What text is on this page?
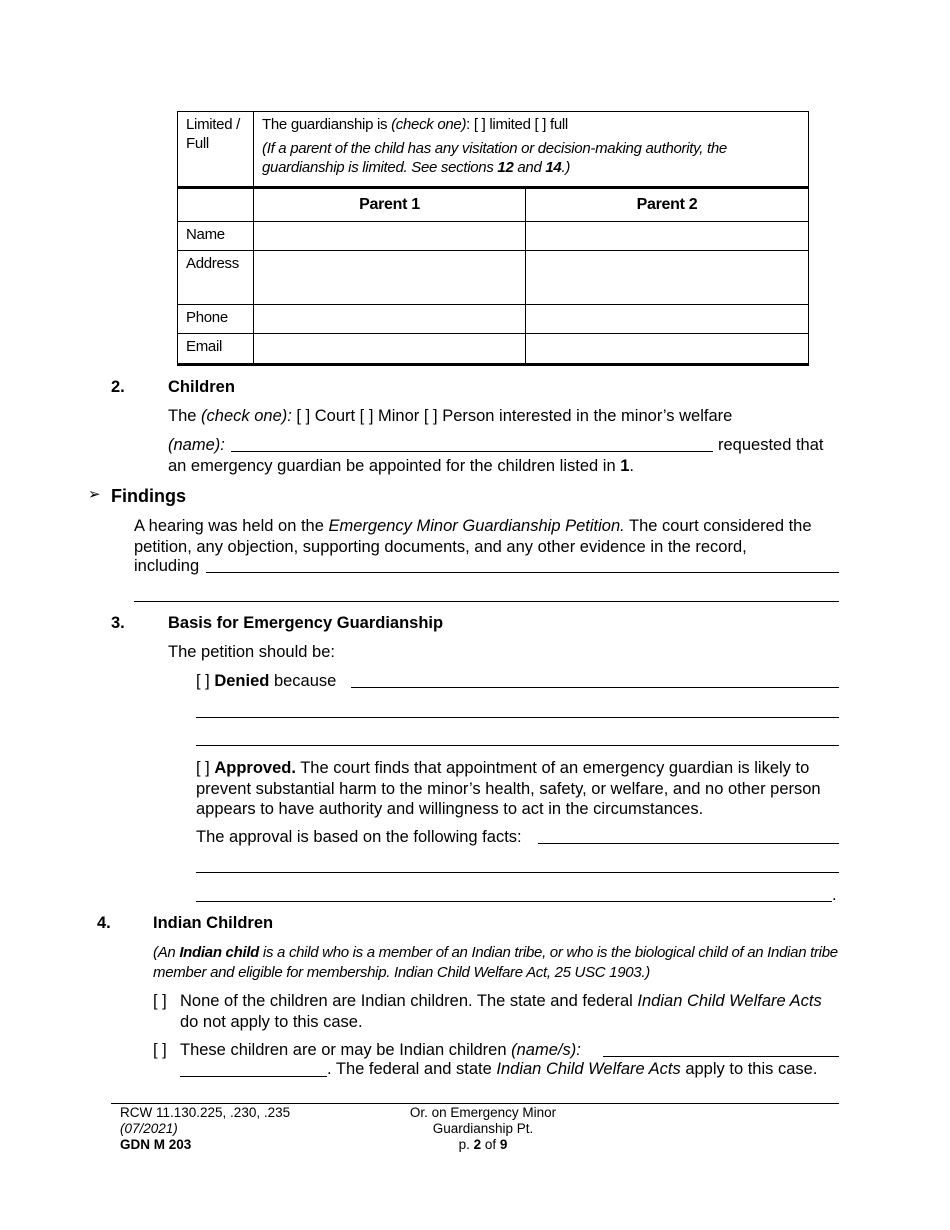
Limited / Full	The guardianship is (check one): [ ] limited [ ] full
(If a parent of the child has any visitation or decision-making authority, the guardianship is limited. See sections 12 and 14.)	

	Parent 1	Parent 2
Name		
Address		
Phone		
Email		
2.	Children
The (check one): [ ] Court [ ] Minor [ ] Person interested in the minor’s welfare
(name):	requested that
an emergency guardian be appointed for the children listed in 1.
➢ Findings
A hearing was held on the Emergency Minor Guardianship Petition. The court considered the petition, any objection, supporting documents, and any other evidence in the record,
including
3.	Basis for Emergency Guardianship
The petition should be:
[ ] Denied because
[ ] Approved. The court finds that appointment of an emergency guardian is likely to prevent substantial harm to the minor’s health, safety, or welfare, and no other person appears to have authority and willingness to act in the circumstances.
The approval is based on the following facts:
.
4.	Indian Children
(An Indian child is a child who is a member of an Indian tribe, or who is the biological child of an Indian tribe member and eligible for membership. Indian Child Welfare Act, 25 USC 1903.)
[ ] None of the children are Indian children. The state and federal Indian Child Welfare Acts do not apply to this case.
[ ] These children are or may be Indian children (name/s):
. The federal and state Indian Child Welfare Acts apply to this case.
RCW 11.130.225, .230, .235
(07/2021)
GDN M 203
Or. on Emergency Minor
Guardianship Pt.
p. 2 of 9
